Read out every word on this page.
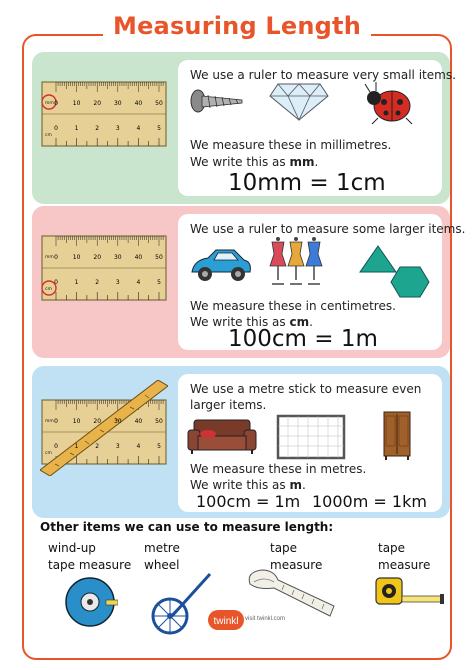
Measuring Length
mm
cm
0 10 20 30 40 50
0	1	2	3	4	5
We use a ruler to measure very small items.
We measure these in millimetres.
We write this as mm.
10mm = 1cm
mm
cm
0 10 20 30 40 50
0	1	2	3	4	5
We use a ruler to measure some larger items.
We measure these in centimetres.
We write this as cm.
100cm = 1m
mm
cm
0 10 20 30 40 50
0	1	2	3	4	5
We use a metre stick to measure even
larger items.
We measure these in metres.
We write this as m.
100cm = 1m 1000m = 1km
Other items we can use to measure length:
wind-up
tape measure
metre
wheel
tape
measure
tape
measure
twinkl visit twinkl.com
